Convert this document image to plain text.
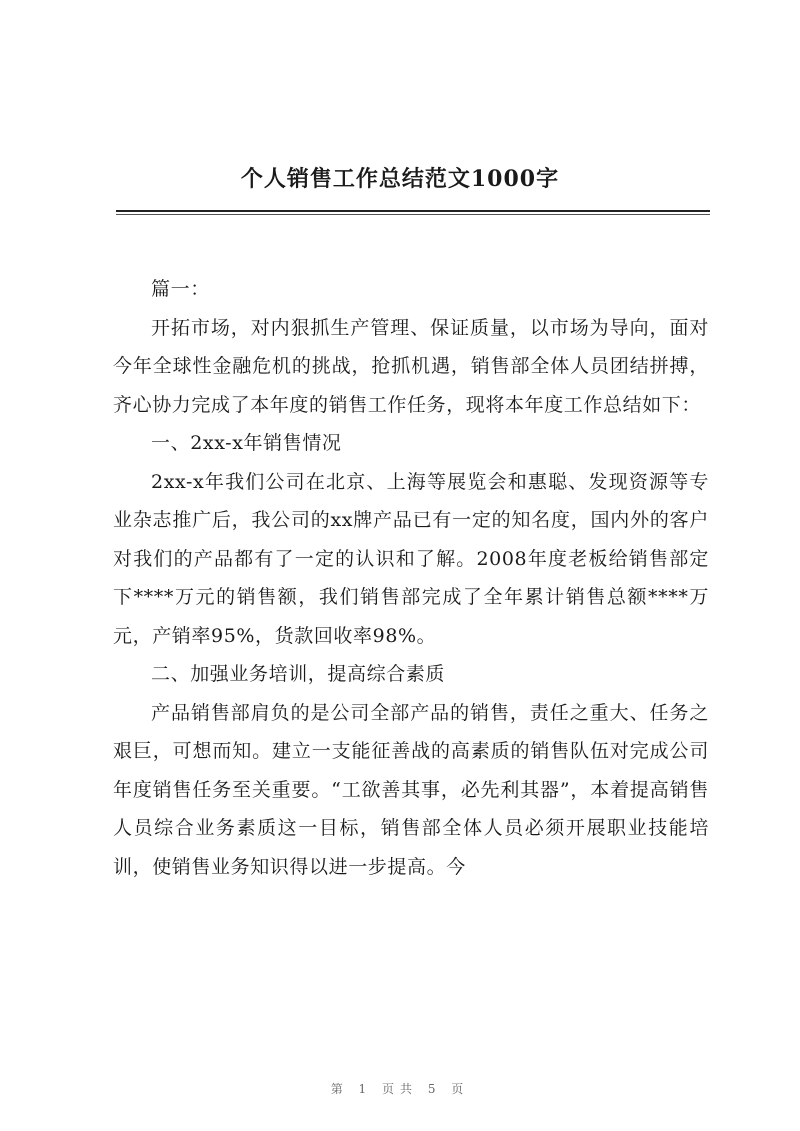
个人销售工作总结范文1000字

篇一：

开拓市场，对内狠抓生产管理、保证质量，以市场为导向，面对今年全球性金融危机的挑战，抢抓机遇，销售部全体人员团结拼搏，齐心协力完成了本年度的销售工作任务，现将本年度工作总结如下：

一、2xx-x年销售情况

2xx-x年我们公司在北京、上海等展览会和惠聪、发现资源等专业杂志推广后，我公司的xx牌产品已有一定的知名度，国内外的客户对我们的产品都有了一定的认识和了解。2008年度老板给销售部定下****万元的销售额，我们销售部完成了全年累计销售总额****万元，产销率95%，货款回收率98%。

二、加强业务培训，提高综合素质

产品销售部肩负的是公司全部产品的销售，责任之重大、任务之艰巨，可想而知。建立一支能征善战的高素质的销售队伍对完成公司年度销售任务至关重要。“工欲善其事，必先利其器”，本着提高销售人员综合业务素质这一目标，销售部全体人员必须开展职业技能培训，使销售业务知识得以进一步提高。今

第 1 页共 5 页
